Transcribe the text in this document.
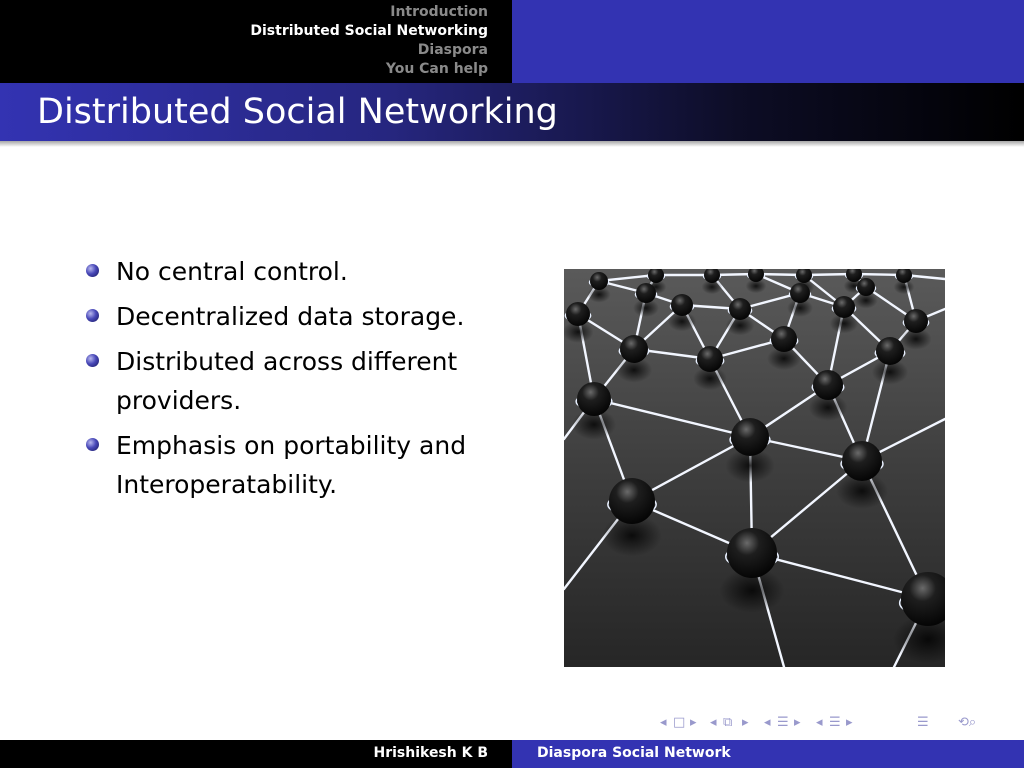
Introduction
Distributed Social Networking
Diaspora
You Can help
Distributed Social Networking
No central control.
Decentralized data storage.
Distributed across different providers.
Emphasis on portability and Interoperatability.
◂ □ ▸ ◂ ⧉ ▸ ◂ ☰ ▸ ◂ ☰ ▸	☰ ⟲⌕
Hrishikesh K B	Diaspora Social Network
